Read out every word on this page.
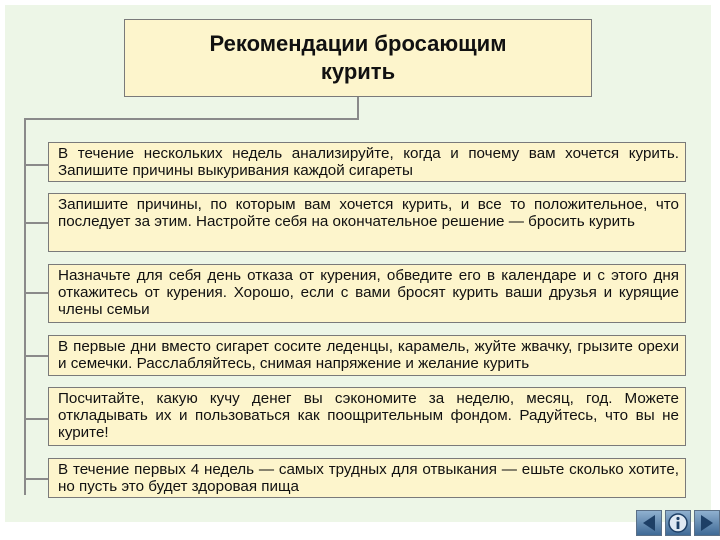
Рекомендации бросающим курить
В течение нескольких недель анализируйте, когда и почему вам хочется курить. Запишите причины выкуривания каждой сигареты
Запишите причины, по которым вам хочется курить, и все то положительное, что последует за этим. Настройте себя на окончательное решение — бросить курить
Назначьте для себя день отказа от курения, обведите его в календаре и с этого дня откажитесь от курения. Хорошо, если с вами бросят курить ваши друзья и курящие члены семьи
В первые дни вместо сигарет сосите леденцы, карамель, жуйте жвачку, грызите орехи и семечки. Расслабляйтесь, снимая напряжение и желание курить
Посчитайте, какую кучу денег вы сэкономите за неделю, месяц, год. Можете откладывать их и пользоваться как поощрительным фондом. Радуйтесь, что вы не курите!
В течение первых 4 недель — самых трудных для отвыкания — ешьте сколько хотите, но пусть это будет здоровая пища
